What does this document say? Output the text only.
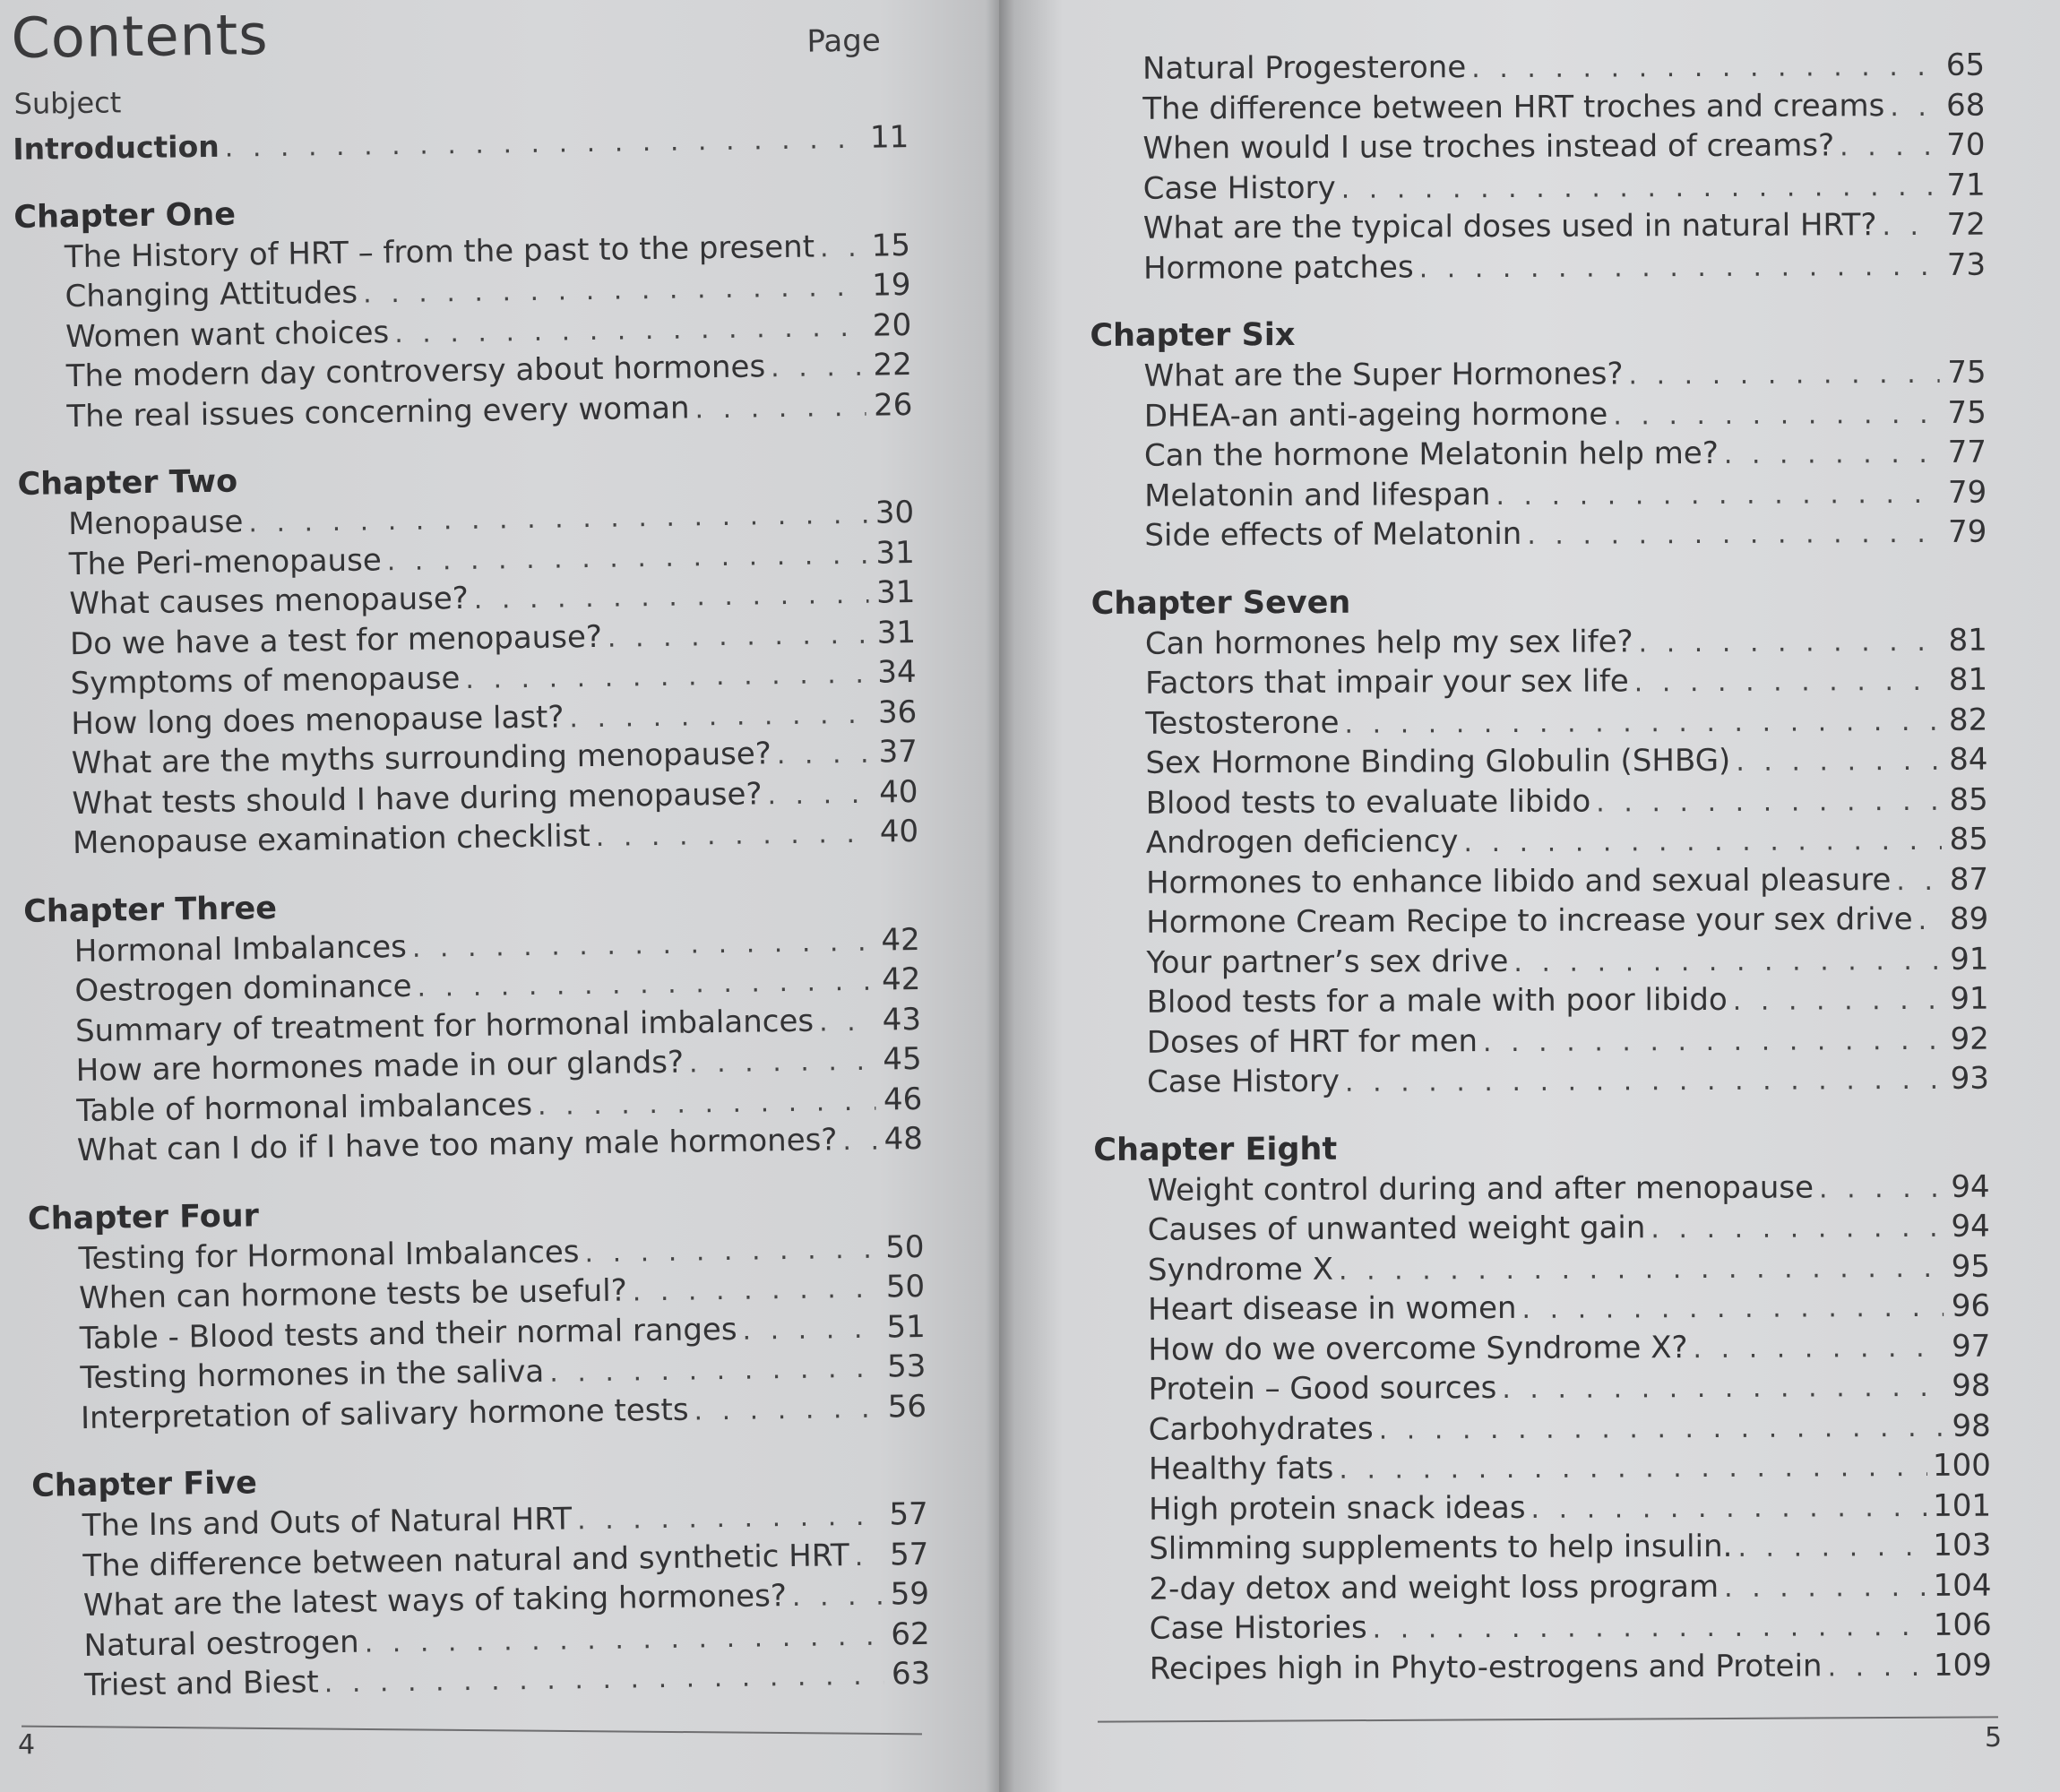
Contents
Subject
Page
Introduction . . .	11
Chapter One
The History of HRT – from the past to the present . . . 15
Changing Attitudes . . .	19
Women want choices . . .	20
The modern day controversy about hormones . . .	22
The real issues concerning every woman . . .	26
Chapter Two
Menopause . . .	30
The Peri-menopause . . .	31
What causes menopause? . . .	31
Do we have a test for menopause? . . .	31
Symptoms of menopause . . .	34
How long does menopause last? . . .	36
What are the myths surrounding menopause? . . .	37
What tests should I have during menopause? . . .	40
Menopause examination checklist . . .	40
Chapter Three
Hormonal Imbalances . . .	42
Oestrogen dominance . . .	42
Summary of treatment for hormonal imbalances . . . 43
How are hormones made in our glands? . . .	45
Table of hormonal imbalances . . .	46
What can I do if I have too many male hormones? . . . 48
Chapter Four
Testing for Hormonal Imbalances . . .	50
When can hormone tests be useful? . . .	50
Table - Blood tests and their normal ranges . . .	51
Testing hormones in the saliva . . .	53
Interpretation of salivary hormone tests . . .	56
Chapter Five
The Ins and Outs of Natural HRT . . .	57
The difference between natural and synthetic HRT . . . 57
What are the latest ways of taking hormones? . . .	59
Natural oestrogen . . .	62
Triest and Biest . . .	63
4
Natural Progesterone . . .	65
The difference between HRT troches and creams . . . 68
When would I use troches instead of creams? . . .	70
Case History . . .	71
What are the typical doses used in natural HRT? . . . 72
Hormone patches . . .	73
Chapter Six
What are the Super Hormones? . . .	75
DHEA-an anti-ageing hormone . . .	75
Can the hormone Melatonin help me? . . .	77
Melatonin and lifespan . . .	79
Side effects of Melatonin . . .	79
Chapter Seven
Can hormones help my sex life? . . .	81
Factors that impair your sex life . . .	81
Testosterone . . .	82
Sex Hormone Binding Globulin (SHBG) . . .	84
Blood tests to evaluate libido . . .	85
Androgen deficiency . . .	85
Hormones to enhance libido and sexual pleasure . . . 87
Hormone Cream Recipe to increase your sex drive . . . 89
Your partner’s sex drive . . .	91
Blood tests for a male with poor libido . . .	91
Doses of HRT for men . . .	92
Case History . . .	93
Chapter Eight
Weight control during and after menopause . . .	94
Causes of unwanted weight gain . . .	94
Syndrome X . . .	95
Heart disease in women . . .	96
How do we overcome Syndrome X? . . .	97
Protein – Good sources . . .	98
Carbohydrates . . .	98
Healthy fats . . .	100
High protein snack ideas . . .	101
Slimming supplements to help insulin. . . .	103
2-day detox and weight loss program . . .	104
Case Histories . . .	106
Recipes high in Phyto-estrogens and Protein . . .	109
5
